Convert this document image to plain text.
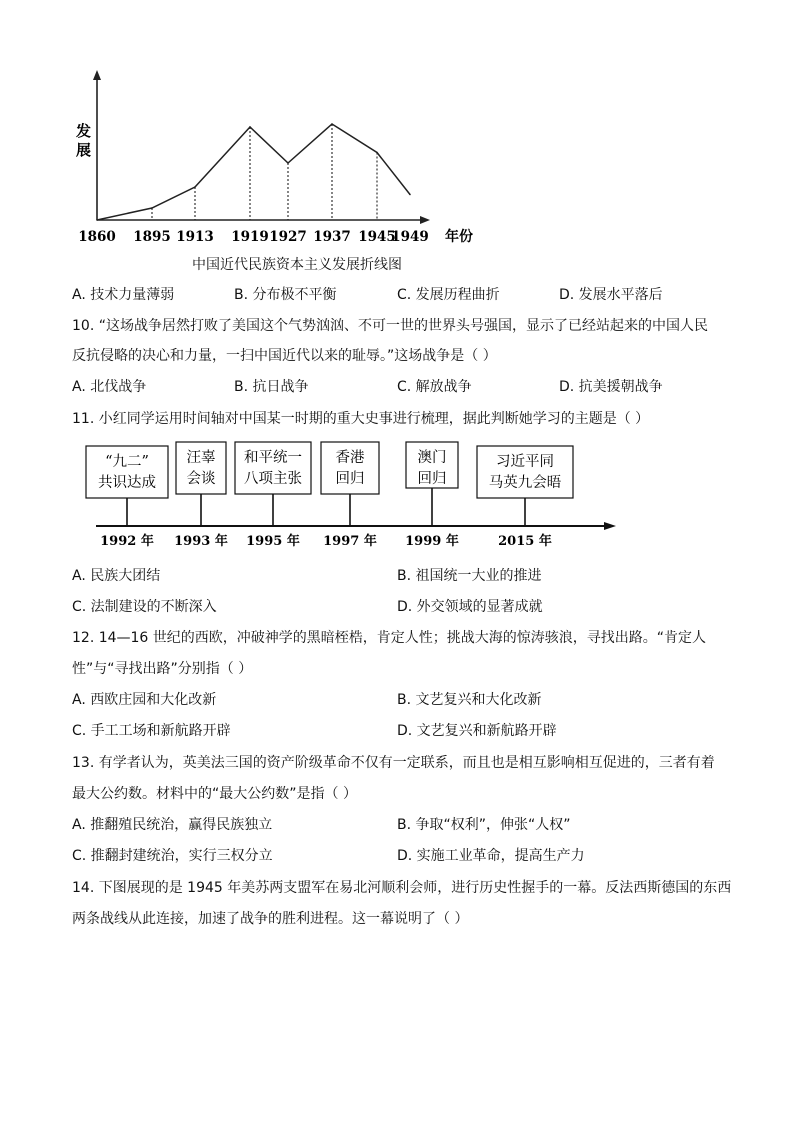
发
展
1860 1895 1913 1919 1927 1937 1945
1949 年份
中国近代民族资本主义发展折线图
A. 技术力量薄弱	B. 分布极不平衡	C. 发展历程曲折	D. 发展水平落后
10. “这场战争居然打败了美国这个气势汹汹、不可一世的世界头号强国，显示了已经站起来的中国人民
反抗侵略的决心和力量，一扫中国近代以来的耻辱。”这场战争是（ ）
A. 北伐战争	B. 抗日战争	C. 解放战争	D. 抗美援朝战争
11. 小红同学运用时间轴对中国某一时期的重大史事进行梳理，据此判断她学习的主题是（ ）
“九二”
共识达成
1992 年
汪辜
会谈
1993 年
和平统一
八项主张
1995 年
香港
回归
1997 年
澳门
回归
1999 年
习近平同
马英九会晤
2015 年
A. 民族大团结	B. 祖国统一大业的推进
C. 法制建设的不断深入	D. 外交领域的显著成就
12. 14—16 世纪的西欧，冲破神学的黑暗桎梏，肯定人性；挑战大海的惊涛骇浪，寻找出路。“肯定人
性”与“寻找出路”分别指（ ）
A. 西欧庄园和大化改新	B. 文艺复兴和大化改新
C. 手工工场和新航路开辟	D. 文艺复兴和新航路开辟
13. 有学者认为，英美法三国的资产阶级革命不仅有一定联系，而且也是相互影响相互促进的，三者有着
最大公约数。材料中的“最大公约数”是指（ ）
A. 推翻殖民统治，赢得民族独立	B. 争取“权利”，伸张“人权”
C. 推翻封建统治，实行三权分立	D. 实施工业革命，提高生产力
14. 下图展现的是 1945 年美苏两支盟军在易北河顺利会师，进行历史性握手的一幕。反法西斯德国的东西
两条战线从此连接，加速了战争的胜利进程。这一幕说明了（ ）
